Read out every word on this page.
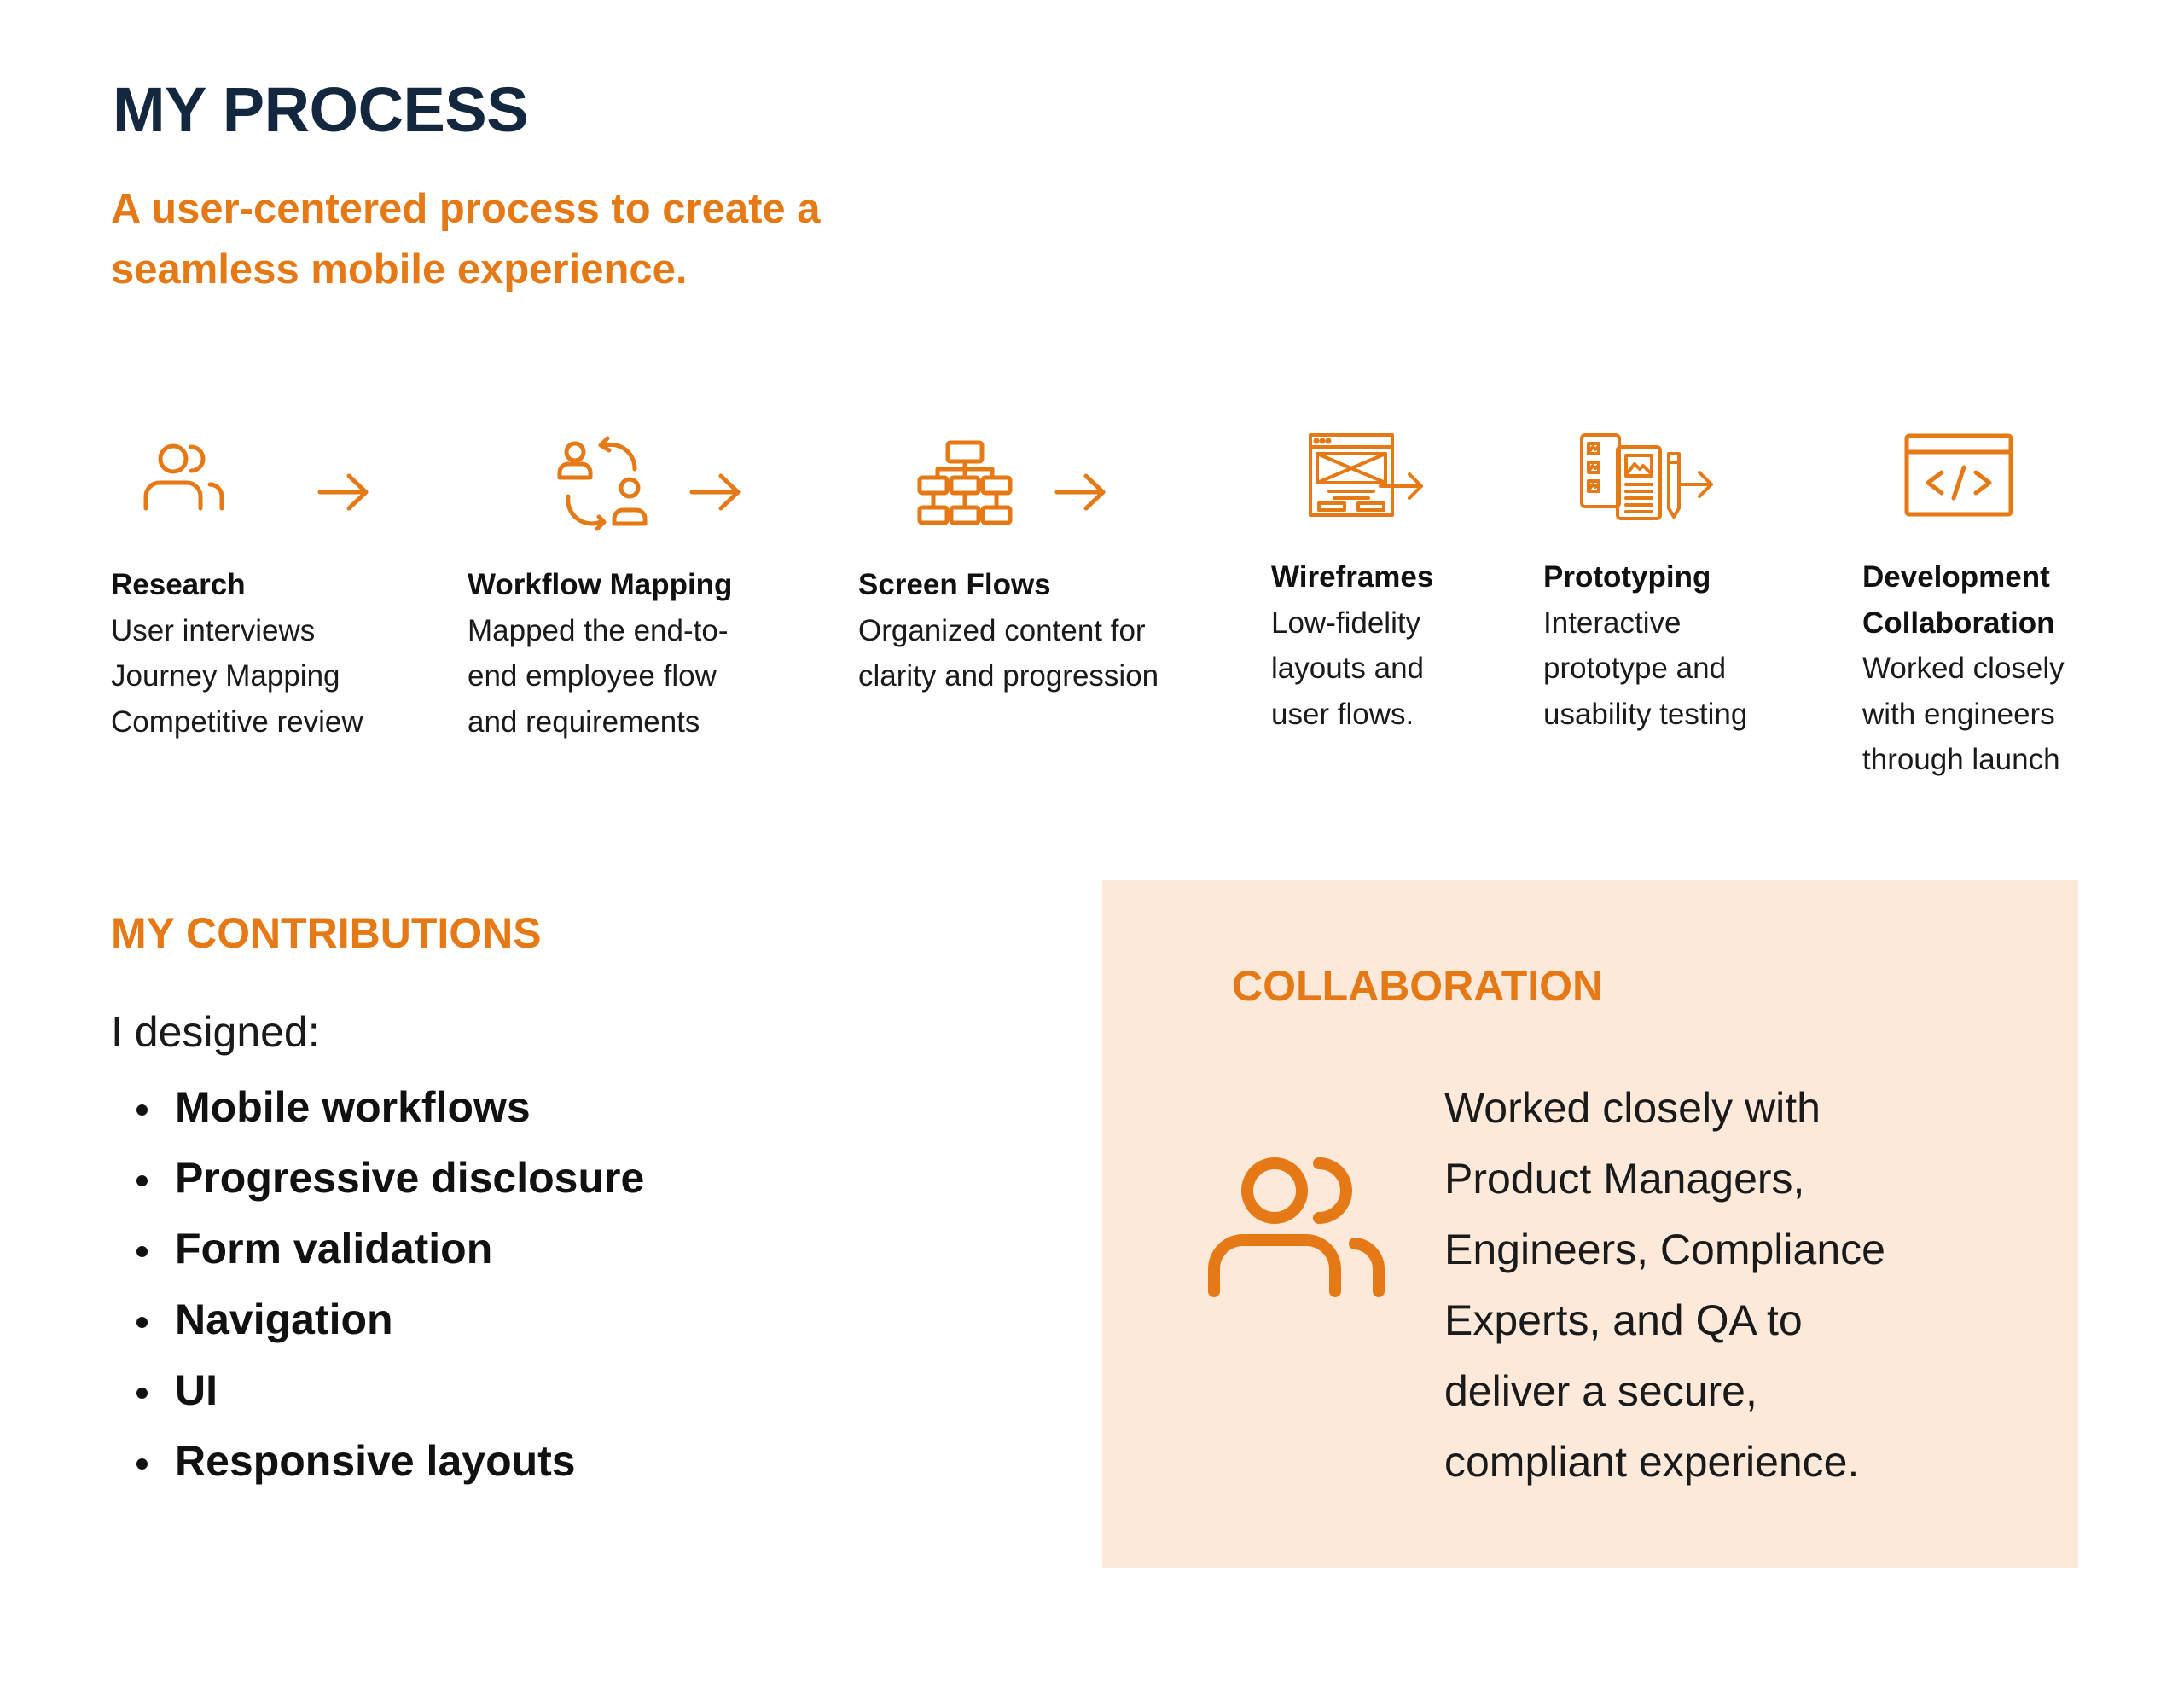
MY PROCESS
A user-centered process to create a
seamless mobile experience.
Research
User interviews
Journey Mapping
Competitive review
Workflow Mapping
Mapped the end-to-
end employee flow
and requirements
Screen Flows
Organized content for
clarity and progression
Wireframes
Low-fidelity
layouts and
user flows.
Prototyping
Interactive
prototype and
usability testing
Development
Collaboration
Worked closely
with engineers
through launch
MY CONTRIBUTIONS
I designed:
Mobile workflows
Progressive disclosure
Form validation
Navigation
UI
Responsive layouts
COLLABORATION
Worked closely with
Product Managers,
Engineers, Compliance
Experts, and QA to
deliver a secure,
compliant experience.
